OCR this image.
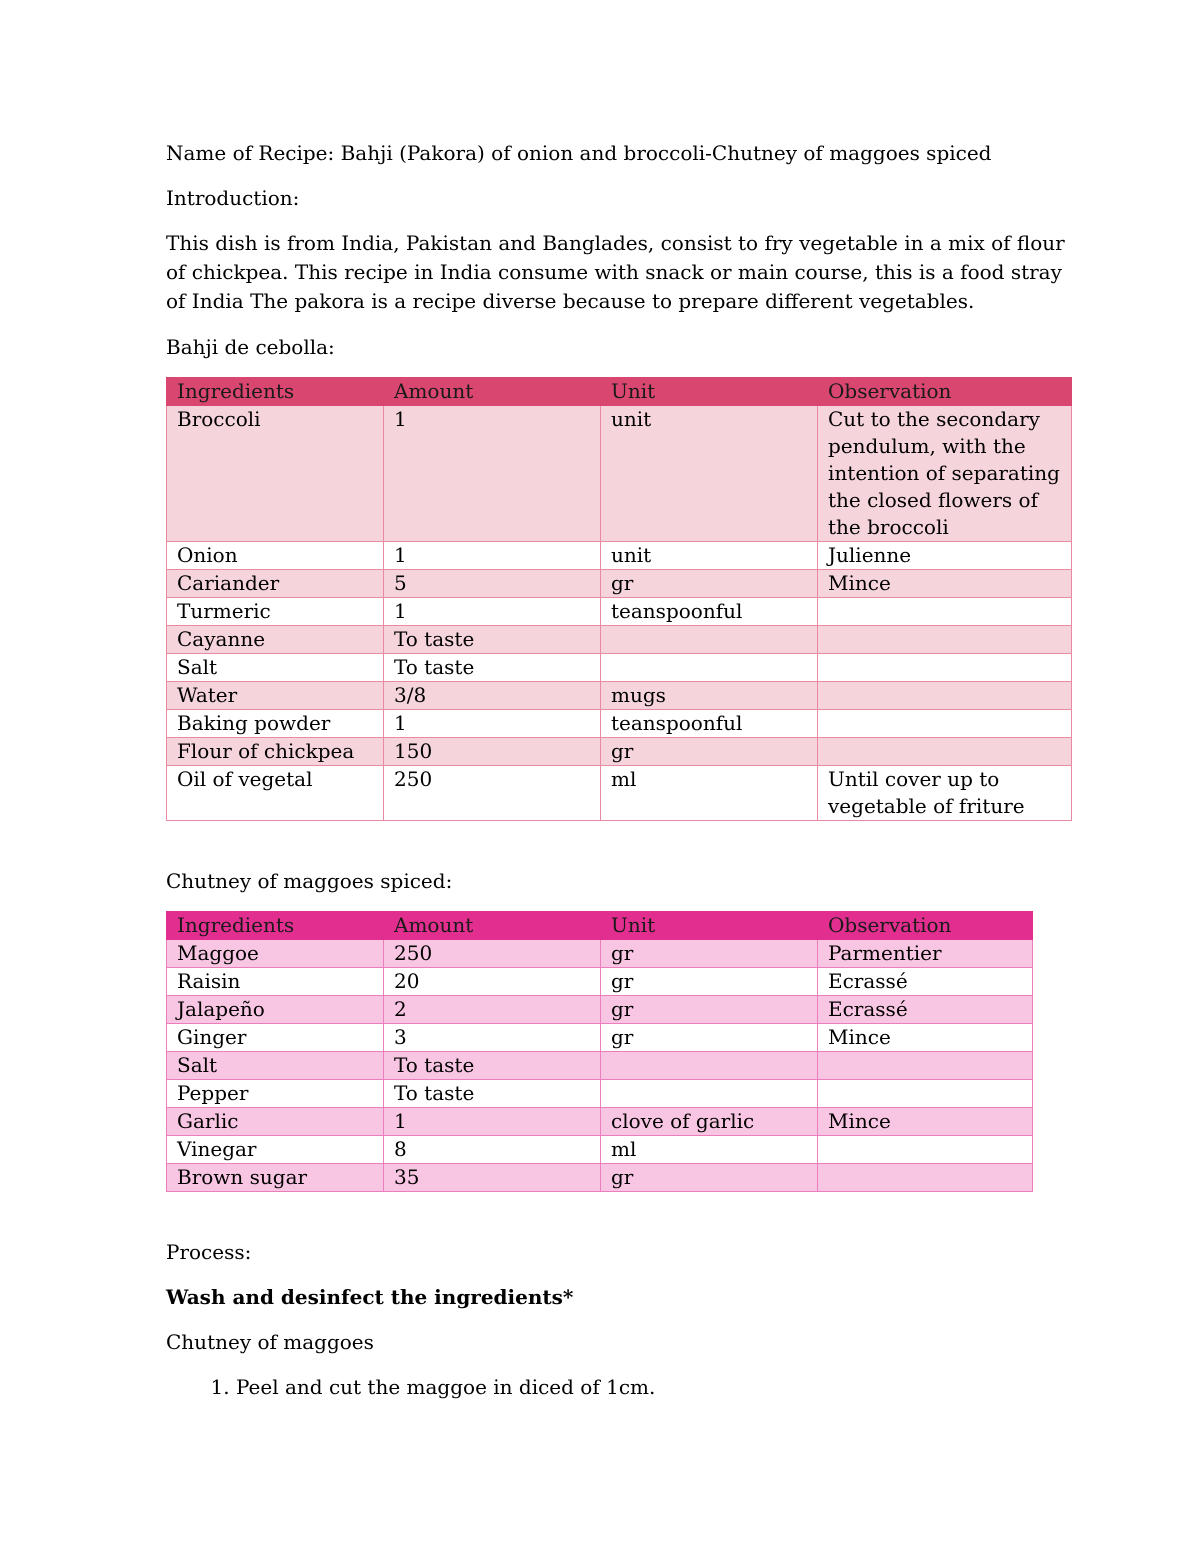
Name of Recipe: Bahji (Pakora) of onion and broccoli-Chutney of maggoes spiced
Introduction:
This dish is from India, Pakistan and Banglades, consist to fry vegetable in a mix of flour of chickpea. This recipe in India consume with snack or main course, this is a food stray of India The pakora is a recipe diverse because to prepare different vegetables.
Bahji de cebolla:
Ingredients	Amount	Unit	Observation
Broccoli	1	unit	Cut to the secondary pendulum, with the intention of separating the closed flowers of the broccoli
Onion	1	unit	Julienne
Cariander	5	gr	Mince
Turmeric	1	teanspoonful	
Cayanne	To taste		
Salt	To taste		
Water	3/8	mugs	
Baking powder	1	teanspoonful	
Flour of chickpea	150	gr	
Oil of vegetal	250	ml	Until cover up to vegetable of friture
Chutney of maggoes spiced:
Ingredients	Amount	Unit	Observation
Maggoe	250	gr	Parmentier
Raisin	20	gr	Ecrassé
Jalapeño	2	gr	Ecrassé
Ginger	3	gr	Mince
Salt	To taste		
Pepper	To taste		
Garlic	1	clove of garlic	Mince
Vinegar	8	ml	
Brown sugar	35	gr	
Process:
Wash and desinfect the ingredients*
Chutney of maggoes
1. Peel and cut the maggoe in diced of 1cm.
